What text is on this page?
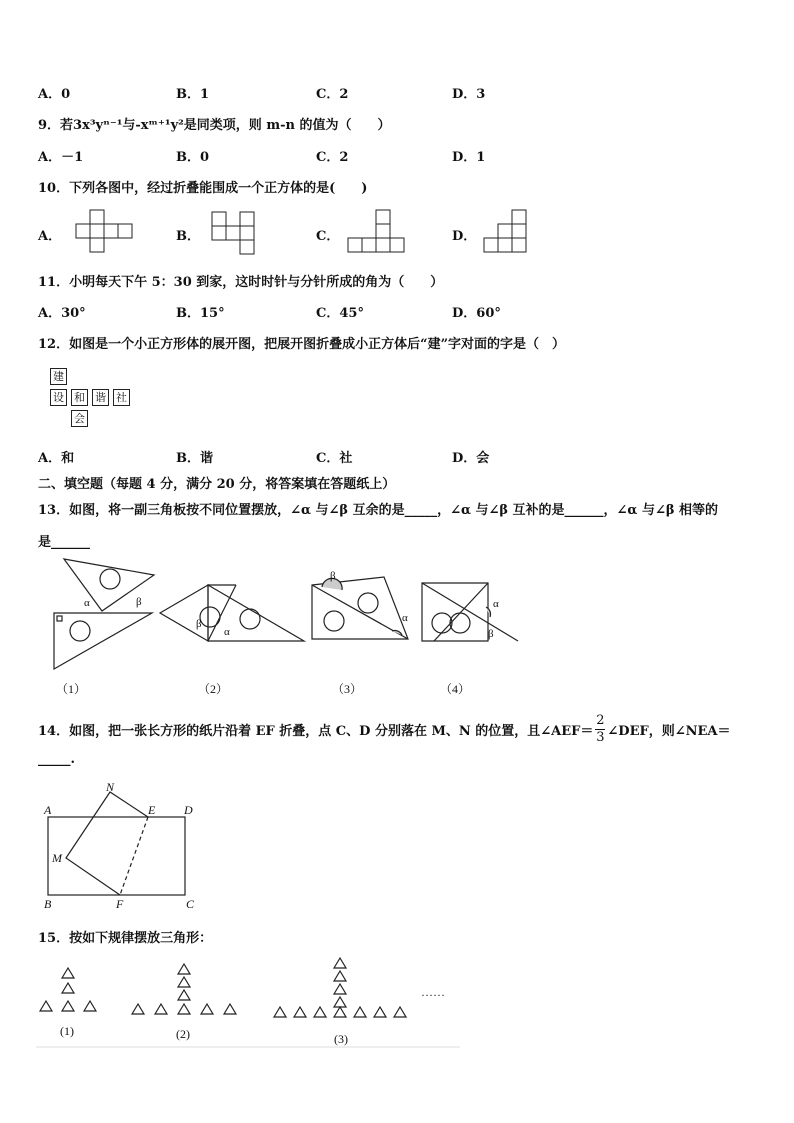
A．0	B．1	C．2	D．3
9．若3x³yⁿ⁻¹与-xᵐ⁺¹y²是同类项，则 m-n 的值为（　　）
A．－1	B．0	C．2	D．1
10．下列各图中，经过折叠能围成一个正方体的是(　　)
A．	B．	C．	D．
11．小明每天下午 5：30 到家，这时时针与分针所成的角为（　　）
A．30°	B．15°	C．45°	D．60°
12．如图是一个小正方形体的展开图，把展开图折叠成小正方体后“建”字对面的字是（　）
建
设 和 谐 社
会
A．和	B．谐	C．社	D．会
二、填空题（每题 4 分，满分 20 分，将答案填在答题纸上）
13．如图，将一副三角板按不同位置摆放，∠α 与∠β 互余的是_____，∠α 与∠β 互补的是______，∠α 与∠β 相等的
是______
α	β
β
α
β
α
α
β
（1）	（2）	（3）	（4）
14．如图，把一张长方形的纸片沿着 EF 折叠，点 C、D 分别落在 M、N 的位置，且∠AEF＝
2
3 ∠DEF，则∠NEA＝
_____.
A
B	C
D
E
F
M
N
15．按如下规律摆放三角形：
……
(1)	(2)	(3)
